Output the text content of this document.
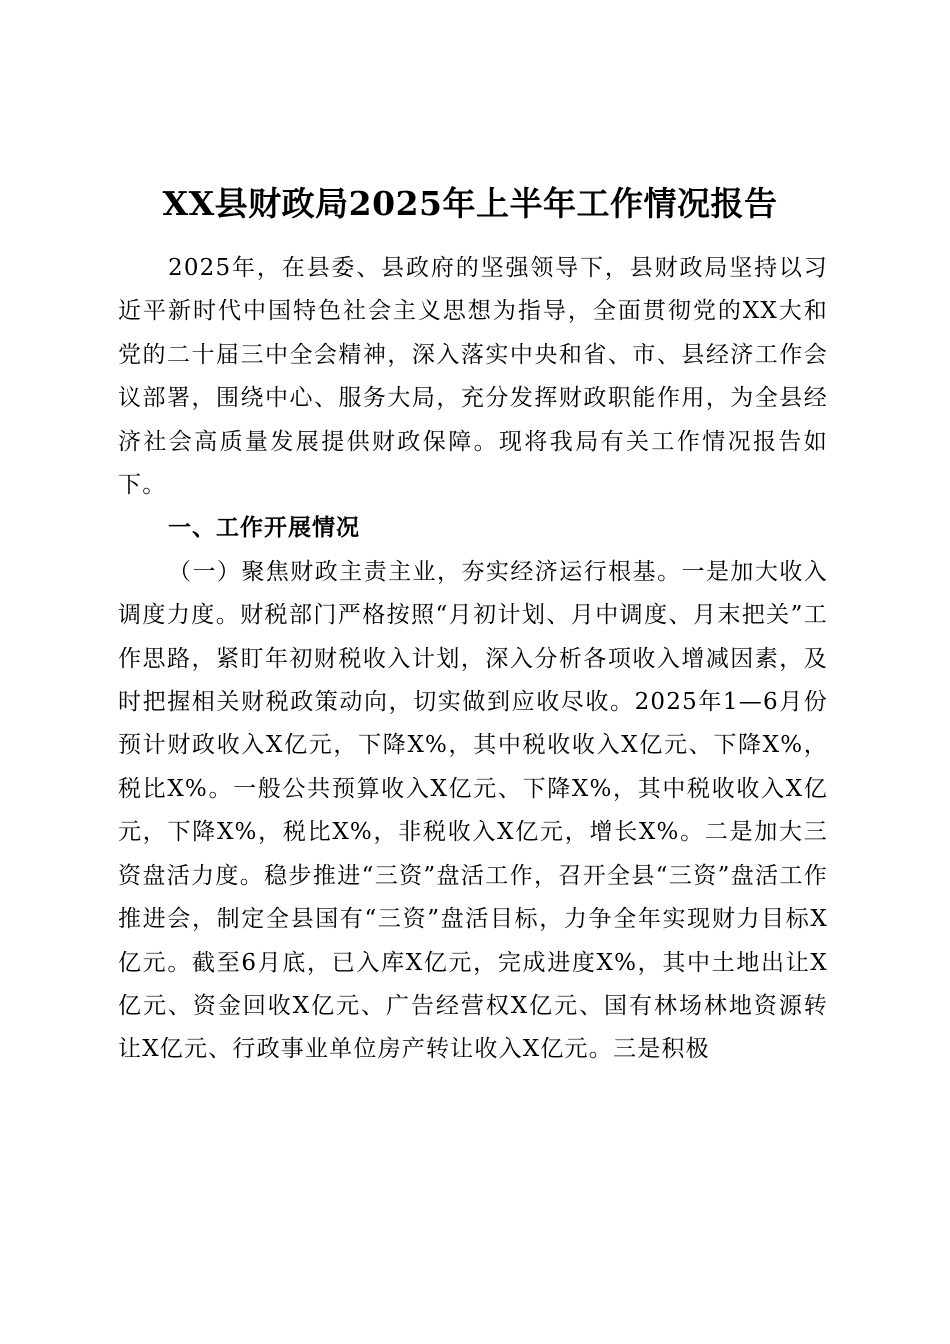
XX县财政局2025年上半年工作情况报告

2025年，在县委、县政府的坚强领导下，县财政局坚持以习近平新时代中国特色社会主义思想为指导，全面贯彻党的XX大和党的二十届三中全会精神，深入落实中央和省、市、县经济工作会议部署，围绕中心、服务大局，充分发挥财政职能作用，为全县经济社会高质量发展提供财政保障。现将我局有关工作情况报告如下。

一、工作开展情况

（一）聚焦财政主责主业，夯实经济运行根基。一是加大收入调度力度。财税部门严格按照“月初计划、月中调度、月末把关”工作思路，紧盯年初财税收入计划，深入分析各项收入增减因素，及时把握相关财税政策动向，切实做到应收尽收。2025年1—6月份预计财政收入X亿元，下降X%，其中税收收入X亿元、下降X%，税比X%。一般公共预算收入X亿元、下降X%，其中税收收入X亿元，下降X%，税比X%，非税收入X亿元，增长X%。二是加大三资盘活力度。稳步推进“三资”盘活工作，召开全县“三资”盘活工作推进会，制定全县国有“三资”盘活目标，力争全年实现财力目标X亿元。截至6月底，已入库X亿元，完成进度X%，其中土地出让X亿元、资金回收X亿元、广告经营权X亿元、国有林场林地资源转让X亿元、行政事业单位房产转让收入X亿元。三是积极
